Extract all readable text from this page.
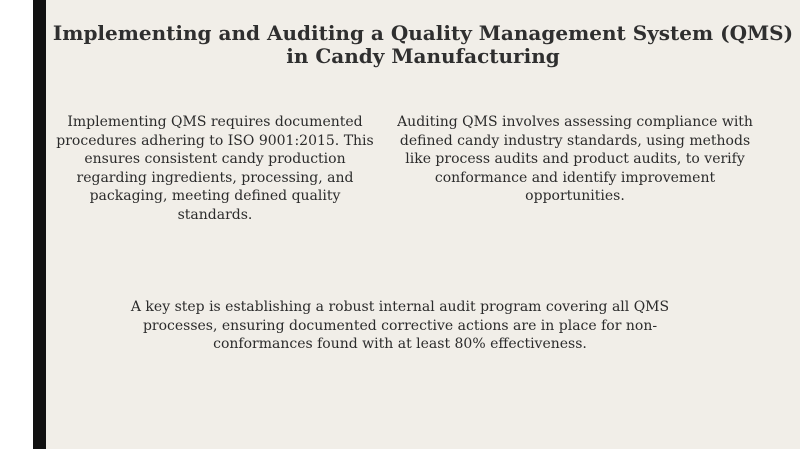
Implementing and Auditing a Quality Management System (QMS) in Candy Manufacturing

Implementing QMS requires documented procedures adhering to ISO 9001:2015. This ensures consistent candy production regarding ingredients, processing, and packaging, meeting defined quality standards.

Auditing QMS involves assessing compliance with defined candy industry standards, using methods like process audits and product audits, to verify conformance and identify improvement opportunities.

A key step is establishing a robust internal audit program covering all QMS processes, ensuring documented corrective actions are in place for non-conformances found with at least 80% effectiveness.
